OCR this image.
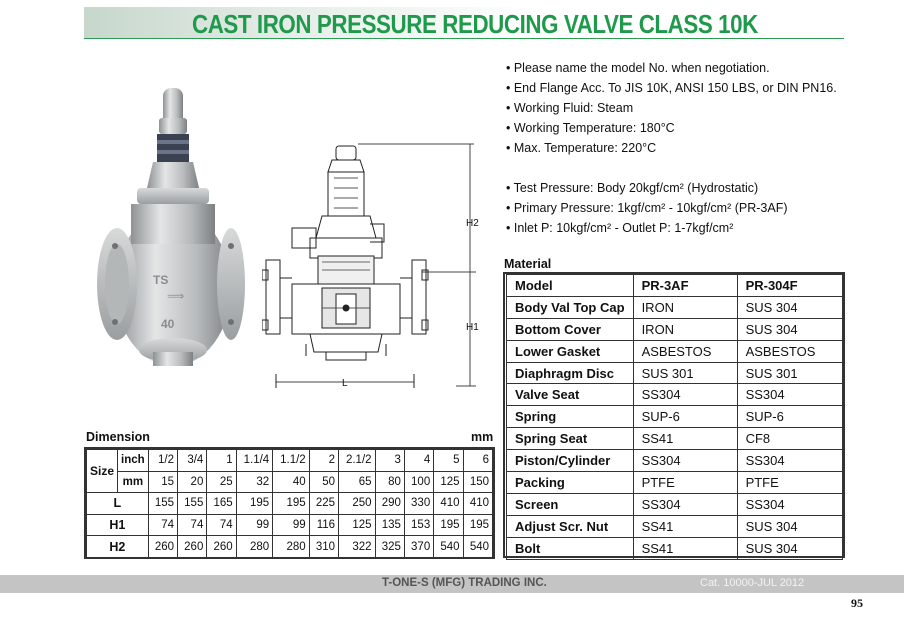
CAST IRON PRESSURE REDUCING VALVE CLASS 10K
TS
⟹
40
H2
H1
L
• Please name the model No. when negotiation.
• End Flange Acc. To JIS 10K, ANSI 150 LBS, or DIN PN16.
• Working Fluid: Steam
• Working Temperature: 180°C
• Max. Temperature: 220°C
• Test Pressure: Body 20kgf/cm² (Hydrostatic)
• Primary Pressure: 1kgf/cm² - 10kgf/cm² (PR-3AF)
• Inlet P: 10kgf/cm² - Outlet P: 1-7kgf/cm²
Material
Model	PR-3AF	PR-304F
Body Val Top Cap	IRON	SUS 304
Bottom Cover	IRON	SUS 304
Lower Gasket	ASBESTOS	ASBESTOS
Diaphragm Disc	SUS 301	SUS 301
Valve Seat	SS304	SS304
Spring	SUP-6	SUP-6
Spring Seat	SS41	CF8
Piston/Cylinder	SS304	SS304
Packing	PTFE	PTFE
Screen	SS304	SS304
Adjust Scr. Nut	SS41	SUS 304
Bolt	SS41	SUS 304
Dimension	mm
Size	inch	1/2	3/4	1	1.1/4	1.1/2	2	2.1/2	3	4	5	6
	mm	15	20	25	32	40	50	65	80	100	125	150
L		155	155	165	195	195	225	250	290	330	410	410
H1		74	74	74	99	99	116	125	135	153	195	195
H2		260	260	260	280	280	310	322	325	370	540	540
T-ONE-S (MFG) TRADING INC.	Cat. 10000-JUL 2012
95
